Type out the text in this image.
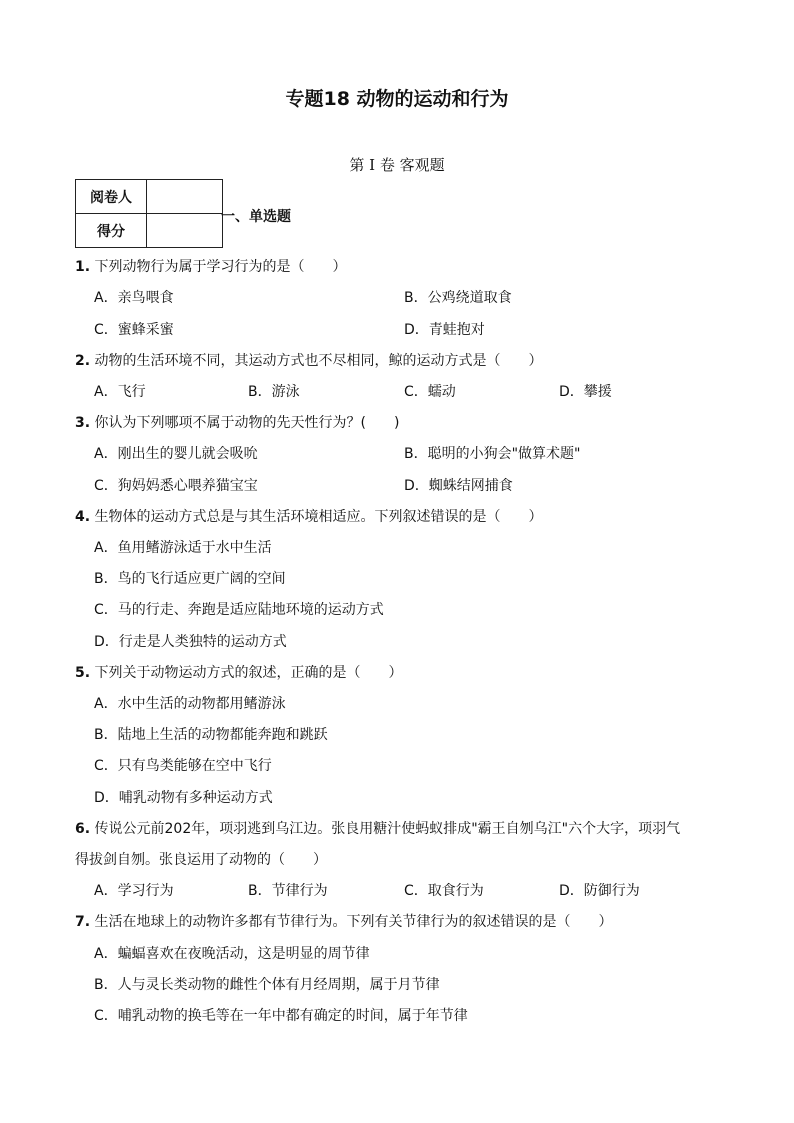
专题18 动物的运动和行为
第 I 卷 客观题
阅卷人	
得分	
一、单选题
1. 下列动物行为属于学习行为的是（　　）
A．亲鸟喂食	B．公鸡绕道取食
C．蜜蜂采蜜	D．青蛙抱对
2. 动物的生活环境不同，其运动方式也不尽相同，鲸的运动方式是（　　）
A．飞行	B．游泳	C．蠕动	D．攀援
3. 你认为下列哪项不属于动物的先天性行为？(　　)
A．刚出生的婴儿就会吸吮	B．聪明的小狗会"做算术题"
C．狗妈妈悉心喂养猫宝宝	D．蜘蛛结网捕食
4. 生物体的运动方式总是与其生活环境相适应。下列叙述错误的是（　　）
A．鱼用鳍游泳适于水中生活
B．鸟的飞行适应更广阔的空间
C．马的行走、奔跑是适应陆地环境的运动方式
D．行走是人类独特的运动方式
5. 下列关于动物运动方式的叙述，正确的是（　　）
A．水中生活的动物都用鳍游泳
B．陆地上生活的动物都能奔跑和跳跃
C．只有鸟类能够在空中飞行
D．哺乳动物有多种运动方式
6. 传说公元前202年，项羽逃到乌江边。张良用糖汁使蚂蚁排成"霸王自刎乌江"六个大字，项羽气
得拔剑自刎。张良运用了动物的（　　）
A．学习行为	B．节律行为	C．取食行为	D．防御行为
7. 生活在地球上的动物许多都有节律行为。下列有关节律行为的叙述错误的是（　　）
A．蝙蝠喜欢在夜晚活动，这是明显的周节律
B．人与灵长类动物的雌性个体有月经周期，属于月节律
C．哺乳动物的换毛等在一年中都有确定的时间，属于年节律
